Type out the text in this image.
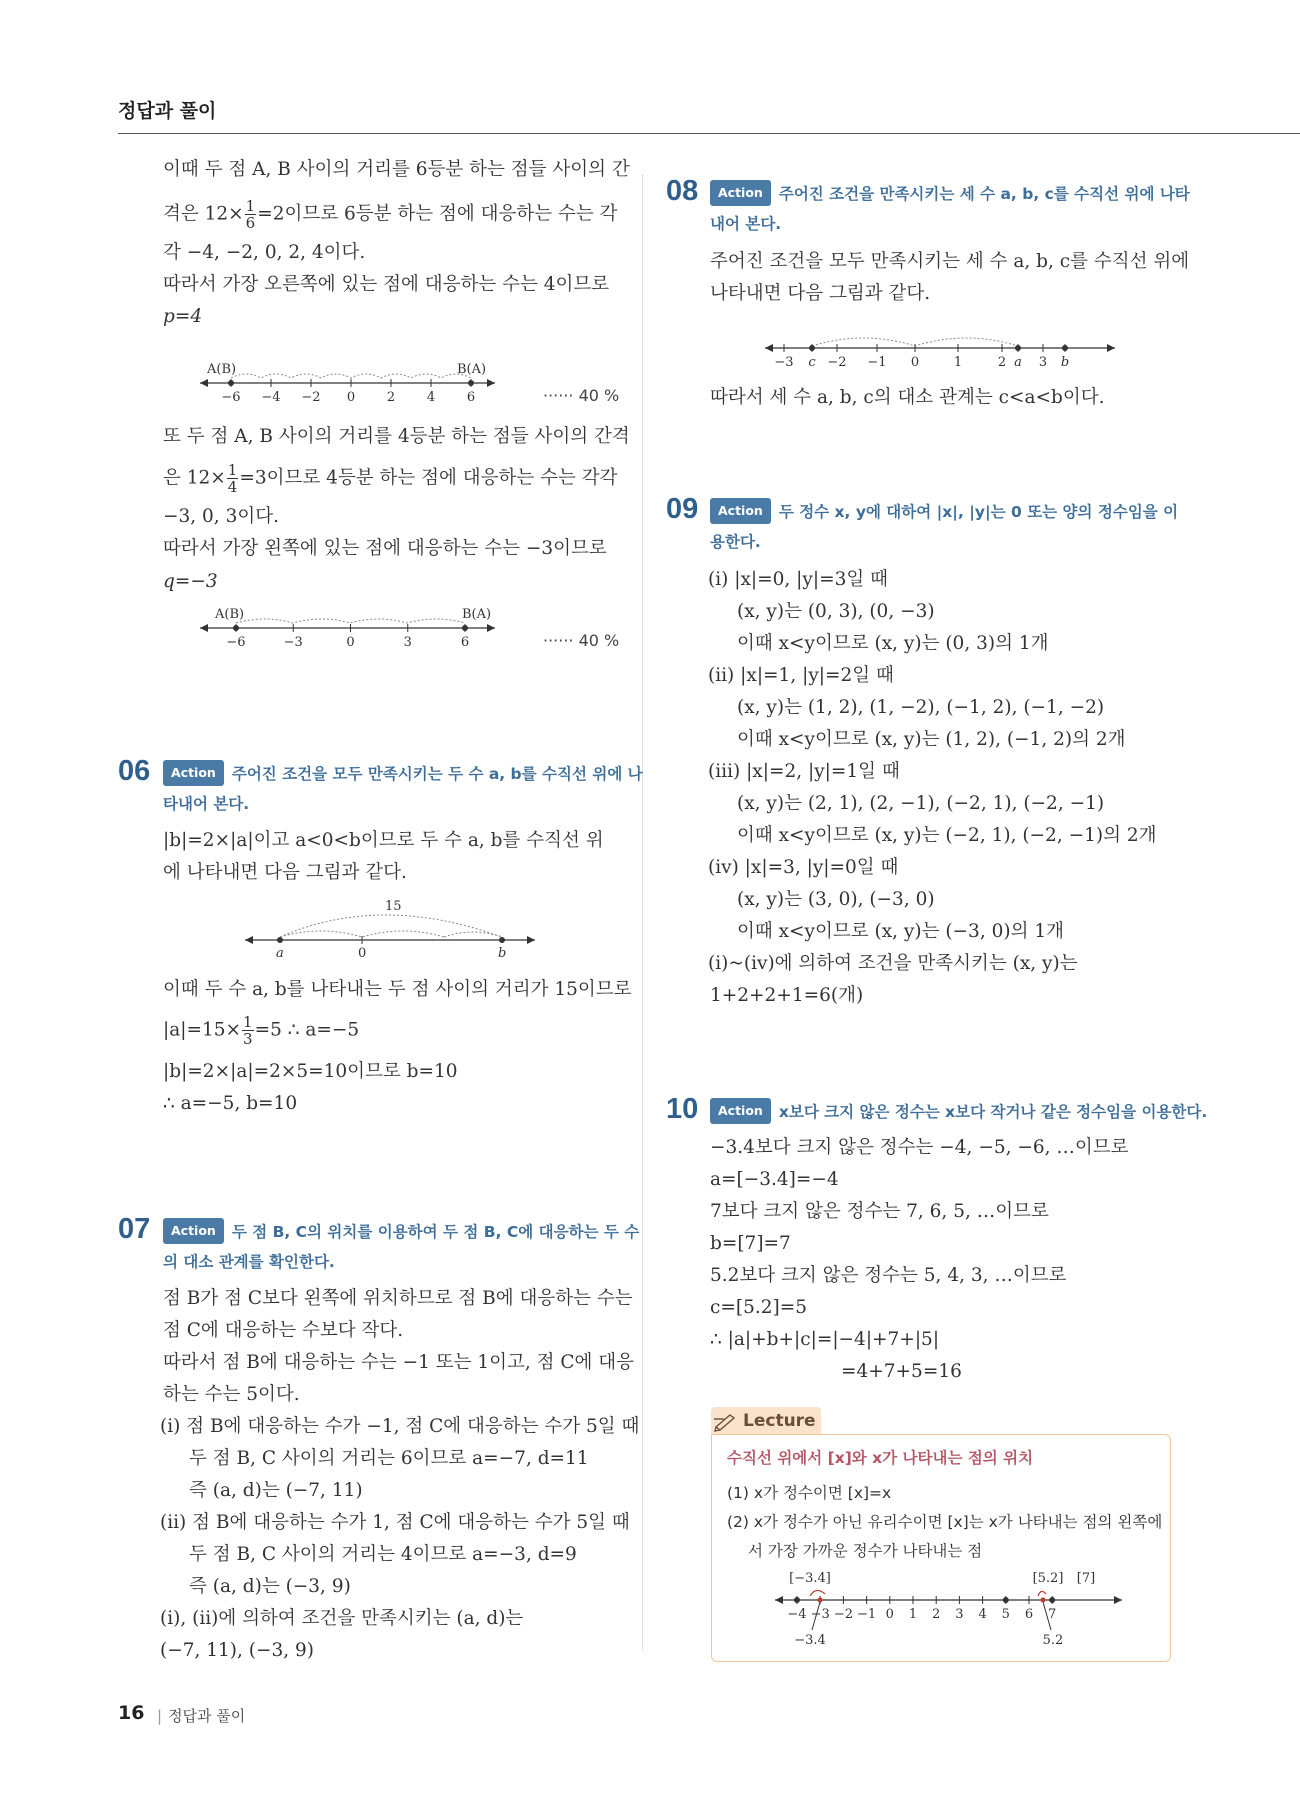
정답과 풀이
이때 두 점 A, B 사이의 거리를 6등분 하는 점들 사이의 간
격은 $12\times \frac{1}{6} =2$이므로 6등분 하는 점에 대응하는 수는 각
각 −4, −2, 0, 2, 4이다.
따라서 가장 오른쪽에 있는 점에 대응하는 수는 4이므로
p=4
A(B)	B(A)
−6 −4 −2 0 2 4 6	······ 40 %
또 두 점 A, B 사이의 거리를 4등분 하는 점들 사이의 간격
은 $12\times \frac{1}{4} =3$이므로 4등분 하는 점에 대응하는 수는 각각
−3, 0, 3이다.
따라서 가장 왼쪽에 있는 점에 대응하는 수는 −3이므로
q=−3
A(B)	B(A)
−6	−3	0	3	6	······ 40 %
06	Action 주어진 조건을 모두 만족시키는 두 수 a, b를 수직선 위에 나
타내어 본다.
|b|=2×|a|이고 a<0<b이므로 두 수 a, b를 수직선 위
에 나타내면 다음 그림과 같다.
15
a	0	b
이때 두 수 a, b를 나타내는 두 점 사이의 거리가 15이므로
$|a|=15\times \frac{1}{3} =5$ ∴ a=−5
|b|=2×|a|=2×5=10이므로 b=10
∴ a=−5, b=10
07	Action 두 점 B, C의 위치를 이용하여 두 점 B, C에 대응하는 두 수
의 대소 관계를 확인한다.
점 B가 점 C보다 왼쪽에 위치하므로 점 B에 대응하는 수는
점 C에 대응하는 수보다 작다.
따라서 점 B에 대응하는 수는 −1 또는 1이고, 점 C에 대응
하는 수는 5이다.
(ⅰ) 점 B에 대응하는 수가 −1, 점 C에 대응하는 수가 5일 때
두 점 B, C 사이의 거리는 6이므로 a=−7, d=11
즉 (a, d)는 (−7, 11)
(ⅱ) 점 B에 대응하는 수가 1, 점 C에 대응하는 수가 5일 때
두 점 B, C 사이의 거리는 4이므로 a=−3, d=9
즉 (a, d)는 (−3, 9)
(ⅰ), (ⅱ)에 의하여 조건을 만족시키는 (a, d)는
(−7, 11), (−3, 9)
08	Action 주어진 조건을 만족시키는 세 수 a, b, c를 수직선 위에 나타
내어 본다.
주어진 조건을 모두 만족시키는 세 수 a, b, c를 수직선 위에
나타내면 다음 그림과 같다.
−3 c −2 −1 0	1	2 a 3 b
따라서 세 수 a, b, c의 대소 관계는 c<a<b이다.
09	Action 두 정수 x, y에 대하여 |x|, |y|는 0 또는 양의 정수임을 이
용한다.
(ⅰ) |x|=0, |y|=3일 때
(x, y)는 (0, 3), (0, −3)
이때 x<y이므로 (x, y)는 (0, 3)의 1개
(ⅱ) |x|=1, |y|=2일 때
(x, y)는 (1, 2), (1, −2), (−1, 2), (−1, −2)
이때 x<y이므로 (x, y)는 (1, 2), (−1, 2)의 2개
(ⅲ) |x|=2, |y|=1일 때
(x, y)는 (2, 1), (2, −1), (−2, 1), (−2, −1)
이때 x<y이므로 (x, y)는 (−2, 1), (−2, −1)의 2개
(ⅳ) |x|=3, |y|=0일 때
(x, y)는 (3, 0), (−3, 0)
이때 x<y이므로 (x, y)는 (−3, 0)의 1개
(ⅰ)~(ⅳ)에 의하여 조건을 만족시키는 (x, y)는
1+2+2+1=6(개)
10	Action x보다 크지 않은 정수는 x보다 작거나 같은 정수임을 이용한다.
−3.4보다 크지 않은 정수는 −4, −5, −6, …이므로
a=[−3.4]=−4
7보다 크지 않은 정수는 7, 6, 5, …이므로
b=[7]=7
5.2보다 크지 않은 정수는 5, 4, 3, …이므로
c=[5.2]=5
∴ |a|+b+|c|=|−4|+7+|5|
=4+7+5=16
Lecture
수직선 위에서 [x]와 x가 나타내는 점의 위치
(1) x가 정수이면 [x]=x
(2) x가 정수가 아닌 유리수이면 [x]는 x가 나타내는 점의 왼쪽에
서 가장 가까운 정수가 나타내는 점
[−3.4]	[5.2] [7]
−4 −3 −2 −1 0 1 2 3 4 5 6 7
−3.4	5.2
16 | 정답과 풀이
